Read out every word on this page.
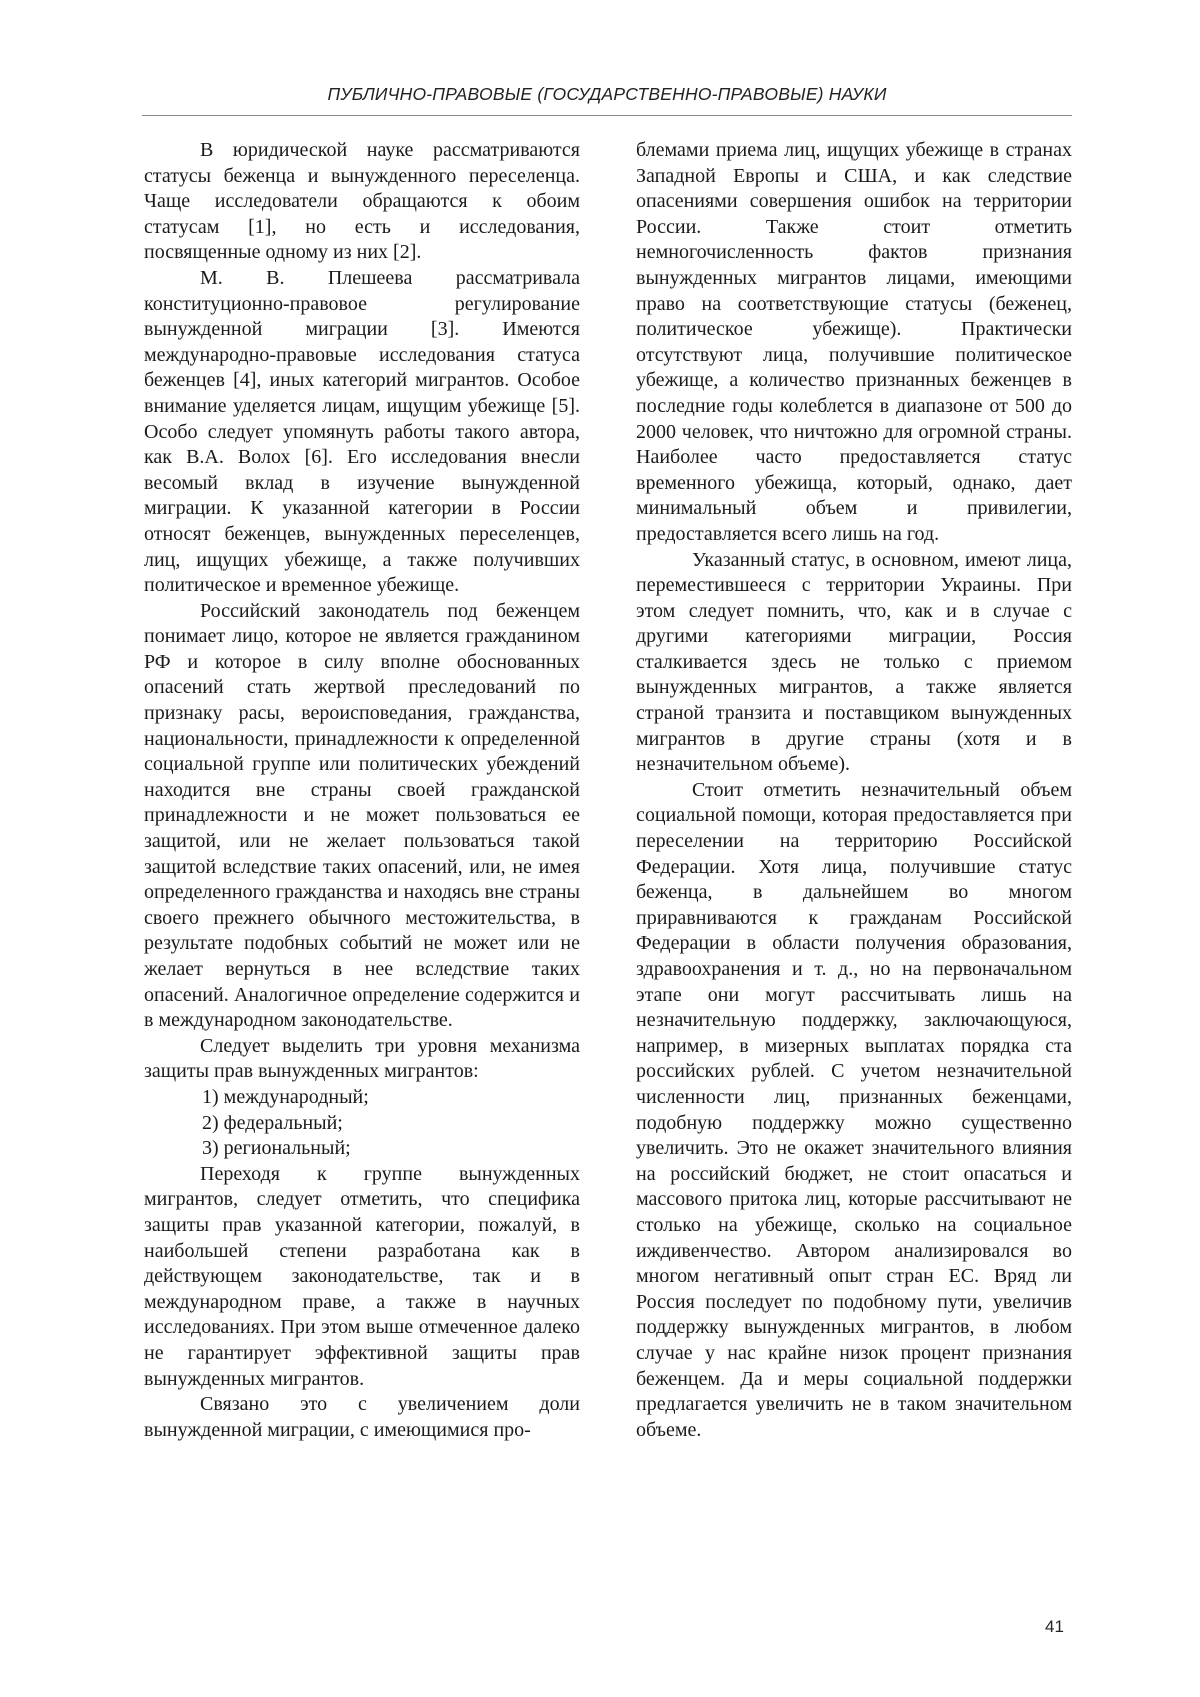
ПУБЛИЧНО-ПРАВОВЫЕ (ГОСУДАРСТВЕННО-ПРАВОВЫЕ) НАУКИ

В юридической науке рассматриваются статусы беженца и вынужденного переселенца. Чаще исследователи обращаются к обоим статусам [1], но есть и исследования, посвященные одному из них [2].

М. В. Плешеева рассматривала конституционно-правовое регулирование вынужденной миграции [3]. Имеются международно-правовые исследования статуса беженцев [4], иных категорий мигрантов. Особое внимание уделяется лицам, ищущим убежище [5]. Особо следует упомянуть работы такого автора, как В.А. Волох [6]. Его исследования внесли весомый вклад в изучение вынужденной миграции. К указанной категории в России относят беженцев, вынужденных переселенцев, лиц, ищущих убежище, а также получивших политическое и временное убежище.

Российский законодатель под беженцем понимает лицо, которое не является гражданином РФ и которое в силу вполне обоснованных опасений стать жертвой преследований по признаку расы, вероисповедания, гражданства, национальности, принадлежности к определенной социальной группе или политических убеждений находится вне страны своей гражданской принадлежности и не может пользоваться ее защитой, или не желает пользоваться такой защитой вследствие таких опасений, или, не имея определенного гражданства и находясь вне страны своего прежнего обычного местожительства, в результате подобных событий не может или не желает вернуться в нее вследствие таких опасений. Аналогичное определение содержится и в международном законодательстве.

Следует выделить три уровня механизма защиты прав вынужденных мигрантов:

1) международный;

2) федеральный;

3) региональный;

Переходя к группе вынужденных мигрантов, следует отметить, что специфика защиты прав указанной категории, пожалуй, в наибольшей степени разработана как в действующем законодательстве, так и в международном праве, а также в научных исследованиях. При этом выше отмеченное далеко не гарантирует эффективной защиты прав вынужденных мигрантов.

Связано это с увеличением доли вынужденной миграции, с имеющимися про-

блемами приема лиц, ищущих убежище в странах Западной Европы и США, и как следствие опасениями совершения ошибок на территории России. Также стоит отметить немногочисленность фактов признания вынужденных мигрантов лицами, имеющими право на соответствующие статусы (беженец, политическое убежище). Практически отсутствуют лица, получившие политическое убежище, а количество признанных беженцев в последние годы колеблется в диапазоне от 500 до 2000 человек, что ничтожно для огромной страны. Наиболее часто предоставляется статус временного убежища, который, однако, дает минимальный объем и привилегии, предоставляется всего лишь на год.

Указанный статус, в основном, имеют лица, переместившееся с территории Украины. При этом следует помнить, что, как и в случае с другими категориями миграции, Россия сталкивается здесь не только с приемом вынужденных мигрантов, а также является страной транзита и поставщиком вынужденных мигрантов в другие страны (хотя и в незначительном объеме).

Стоит отметить незначительный объем социальной помощи, которая предоставляется при переселении на территорию Российской Федерации. Хотя лица, получившие статус беженца, в дальнейшем во многом приравниваются к гражданам Российской Федерации в области получения образования, здравоохранения и т. д., но на первоначальном этапе они могут рассчитывать лишь на незначительную поддержку, заключающуюся, например, в мизерных выплатах порядка ста российских рублей. С учетом незначительной численности лиц, признанных беженцами, подобную поддержку можно существенно увеличить. Это не окажет значительного влияния на российский бюджет, не стоит опасаться и массового притока лиц, которые рассчитывают не столько на убежище, сколько на социальное иждивенчество. Автором анализировался во многом негативный опыт стран ЕС. Вряд ли Россия последует по подобному пути, увеличив поддержку вынужденных мигрантов, в любом случае у нас крайне низок процент признания беженцем. Да и меры социальной поддержки предлагается увеличить не в таком значительном объеме.

41
